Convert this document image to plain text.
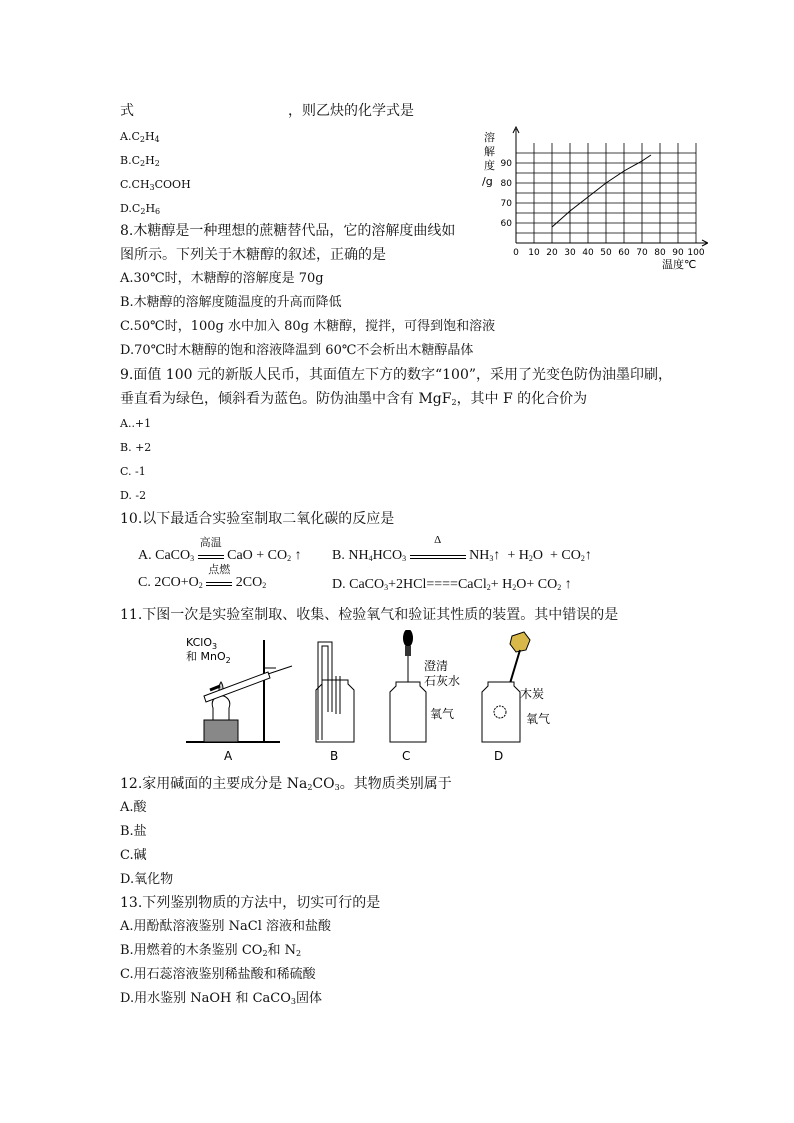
式	，则乙炔的化学式是
$A.C_2H_4$
$B.C_2H_2$
$C.CH_3COOH$
$D.C_2H_6$
0 10 20 30 40 50 60 70 80 90 100
60
70
80
90
溶
解
度
/g
温度℃
8.木糖醇是一种理想的蔗糖替代品，它的溶解度曲线如
图所示。下列关于木糖醇的叙述，正确的是
A.30℃时，木糖醇的溶解度是 70g
B.木糖醇的溶解度随温度的升高而降低
C.50℃时，100g 水中加入 80g 木糖醇，搅拌，可得到饱和溶液
D.70℃时木糖醇的饱和溶液降温到 60℃不会析出木糖醇晶体
9.面值 100 元的新版人民币，其面值左下方的数字“100”，采用了光变色防伪油墨印刷，
垂直看为绿色，倾斜看为蓝色。防伪油墨中含有 MgF$_2$，其中 F 的化合价为
A..+1
B. +2
C. -1
D. -2
10.以下最适合实验室制取二氧化碳的反应是
A. CaCO$_3$
高温
CaO + $CO_2$ ↑ B. $NH_4HCO_3$
Δ
$NH_3↑ + H_2O$ + $CO_2↑$
C. $2CO+O_2$
点燃
$2CO_2$	D. CaCO$_3$+2HCl====CaCl$_2$+ $H_2O+ CO_2$ ↑
11.下图一次是实验室制取、收集、检验氧气和验证其性质的装置。其中错误的是
KClO$_3$
和 MnO$_2$
A	B
澄清
石灰水
氧气
C
木炭
氧气
D
12.家用碱面的主要成分是 $Na_2CO_3$。其物质类别属于
A.酸
B.盐
C.碱
D.氧化物
13.下列鉴别物质的方法中，切实可行的是
A.用酚酞溶液鉴别 NaCl 溶液和盐酸
B.用燃着的木条鉴别 $CO_2$和 $N_2$
C.用石蕊溶液鉴别稀盐酸和稀硫酸
D.用水鉴别 NaOH 和 CaCO$_3$固体
